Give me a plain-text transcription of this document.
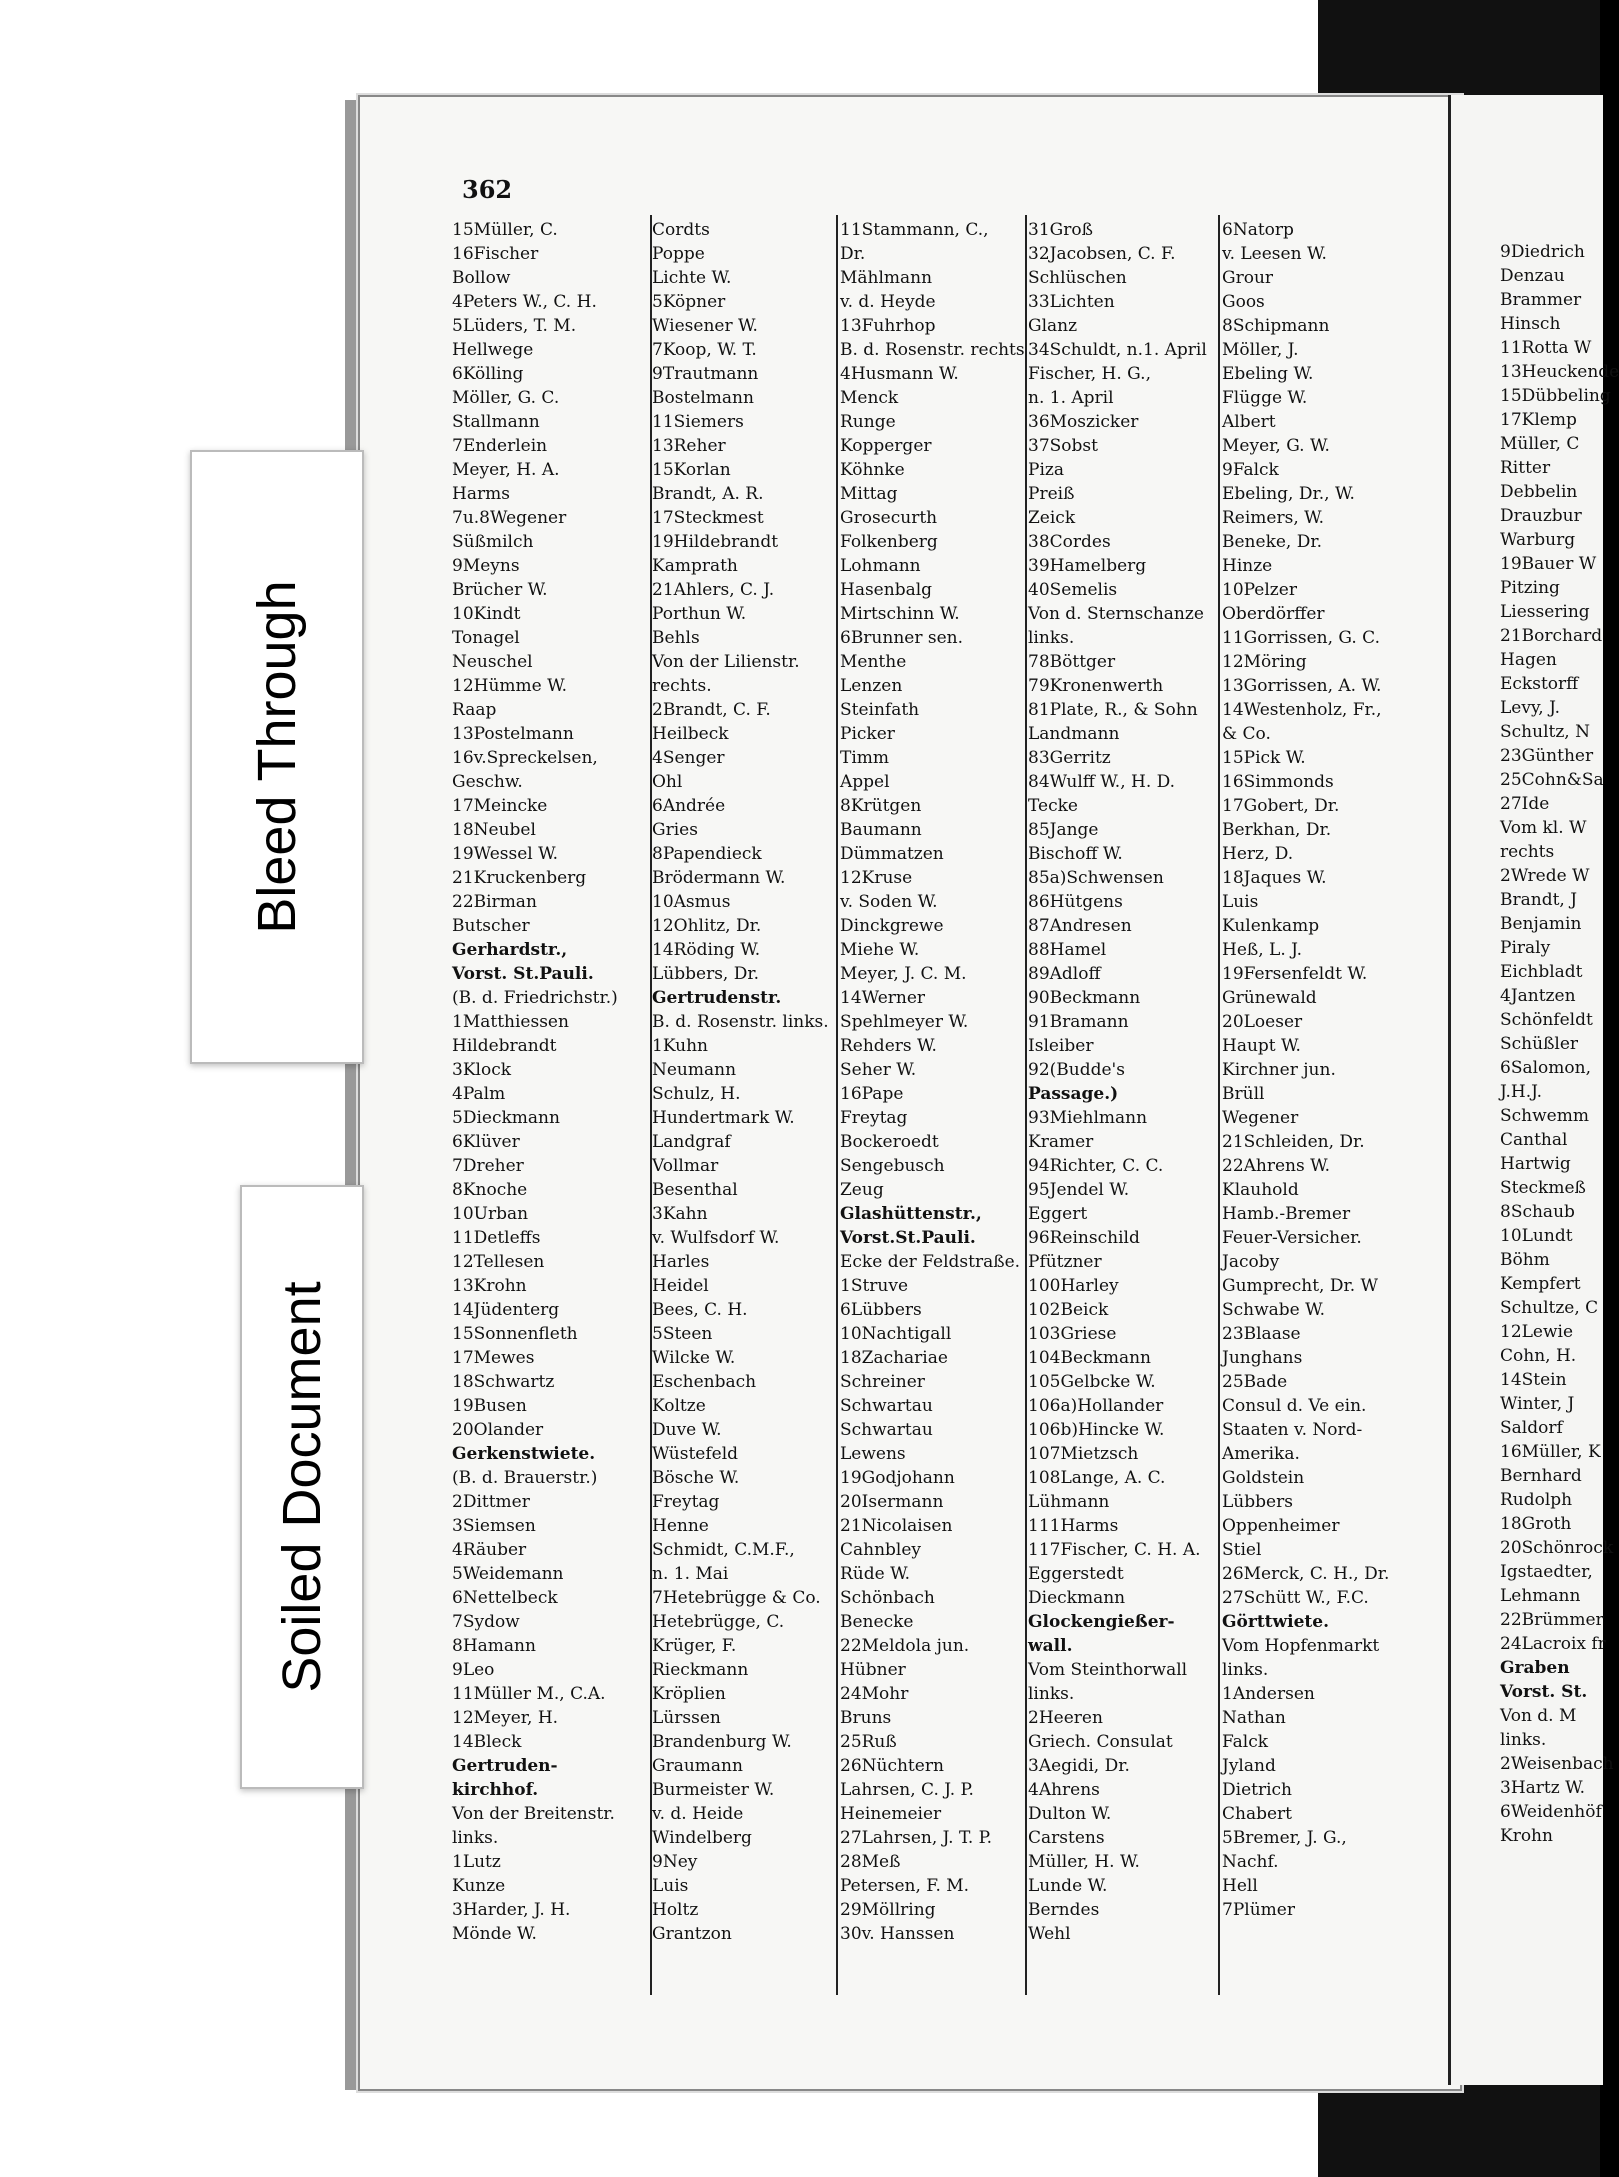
362
15Müller, C.
16Fischer
Bollow
4Peters W., C. H.
5Lüders, T. M.
Hellwege
6Kölling
Möller, G. C.
Stallmann
7Enderlein
Meyer, H. A.
Harms
7u.8Wegener
Süßmilch
9Meyns
Brücher W.
10Kindt
Tonagel
Neuschel
12Hümme W.
Raap
13Postelmann
16v.Spreckelsen,
Geschw.
17Meincke
18Neubel
19Wessel W.
21Kruckenberg
22Birman
Butscher
Gerhardstr.,
Vorst. St.Pauli.
(B. d. Friedrichstr.)
1Matthiessen
Hildebrandt
3Klock
4Palm
5Dieckmann
6Klüver
7Dreher
8Knoche
10Urban
11Detleffs
12Tellesen
13Krohn
14Jüdenterg
15Sonnenfleth
17Mewes
18Schwartz
19Busen
20Olander
Gerkenstwiete.
(B. d. Brauerstr.)
2Dittmer
3Siemsen
4Räuber
5Weidemann
6Nettelbeck
7Sydow
8Hamann
9Leo
11Müller M., C.A.
12Meyer, H.
14Bleck
Gertruden-
kirchhof.
Von der Breitenstr.
links.
1Lutz
Kunze
3Harder, J. H.
Mönde W.
Cordts
Poppe
Lichte W.
5Köpner
Wiesener W.
7Koop, W. T.
9Trautmann
Bostelmann
11Siemers
13Reher
15Korlan
Brandt, A. R.
17Steckmest
19Hildebrandt
Kamprath
21Ahlers, C. J.
Porthun W.
Behls
Von der Lilienstr.
rechts.
2Brandt, C. F.
Heilbeck
4Senger
Ohl
6Andrée
Gries
8Papendieck
Brödermann W.
10Asmus
12Ohlitz, Dr.
14Röding W.
Lübbers, Dr.
Gertrudenstr.
B. d. Rosenstr. links.
1Kuhn
Neumann
Schulz, H.
Hundertmark W.
Landgraf
Vollmar
Besenthal
3Kahn
v. Wulfsdorf W.
Harles
Heidel
Bees, C. H.
5Steen
Wilcke W.
Eschenbach
Koltze
Duve W.
Wüstefeld
Bösche W.
Freytag
Henne
Schmidt, C.M.F.,
n. 1. Mai
7Hetebrügge & Co.
Hetebrügge, C.
Krüger, F.
Rieckmann
Kröplien
Lürssen
Brandenburg W.
Graumann
Burmeister W.
v. d. Heide
Windelberg
9Ney
Luis
Holtz
Grantzon
11Stammann, C.,
Dr.
Mählmann
v. d. Heyde
13Fuhrhop
B. d. Rosenstr. rechts
4Husmann W.
Menck
Runge
Kopperger
Köhnke
Mittag
Grosecurth
Folkenberg
Lohmann
Hasenbalg
Mirtschinn W.
6Brunner sen.
Menthe
Lenzen
Steinfath
Picker
Timm
Appel
8Krütgen
Baumann
Dümmatzen
12Kruse
v. Soden W.
Dinckgrewe
Miehe W.
Meyer, J. C. M.
14Werner
Spehlmeyer W.
Rehders W.
Seher W.
16Pape
Freytag
Bockeroedt
Sengebusch
Zeug
Glashüttenstr.,
Vorst.St.Pauli.
Ecke der Feldstraße.
1Struve
6Lübbers
10Nachtigall
18Zachariae
Schreiner
Schwartau
Schwartau
Lewens
19Godjohann
20Isermann
21Nicolaisen
Cahnbley
Rüde W.
Schönbach
Benecke
22Meldola jun.
Hübner
24Mohr
Bruns
25Ruß
26Nüchtern
Lahrsen, C. J. P.
Heinemeier
27Lahrsen, J. T. P.
28Meß
Petersen, F. M.
29Möllring
30v. Hanssen
31Groß
32Jacobsen, C. F.
Schlüschen
33Lichten
Glanz
34Schuldt, n.1. April
Fischer, H. G.,
n. 1. April
36Moszicker
37Sobst
Piza
Preiß
Zeick
38Cordes
39Hamelberg
40Semelis
Von d. Sternschanze
links.
78Böttger
79Kronenwerth
81Plate, R., & Sohn
Landmann
83Gerritz
84Wulff W., H. D.
Tecke
85Jange
Bischoff W.
85a)Schwensen
86Hütgens
87Andresen
88Hamel
89Adloff
90Beckmann
91Bramann
Isleiber
92(Budde's
Passage.)
93Miehlmann
Kramer
94Richter, C. C.
95Jendel W.
Eggert
96Reinschild
Pfützner
100Harley
102Beick
103Griese
104Beckmann
105Gelbcke W.
106a)Hollander
106b)Hincke W.
107Mietzsch
108Lange, A. C.
Lühmann
111Harms
117Fischer, C. H. A.
Eggerstedt
Dieckmann
Glockengießer-
wall.
Vom Steinthorwall
links.
2Heeren
Griech. Consulat
3Aegidi, Dr.
4Ahrens
Dulton W.
Carstens
Müller, H. W.
Lunde W.
Berndes
Wehl
6Natorp
v. Leesen W.
Grour
Goos
8Schipmann
Möller, J.
Ebeling W.
Flügge W.
Albert
Meyer, G. W.
9Falck
Ebeling, Dr., W.
Reimers, W.
Beneke, Dr.
Hinze
10Pelzer
Oberdörffer
11Gorrissen, G. C.
12Möring
13Gorrissen, A. W.
14Westenholz, Fr.,
& Co.
15Pick W.
16Simmonds
17Gobert, Dr.
Berkhan, Dr.
Herz, D.
18Jaques W.
Luis
Kulenkamp
Heß, L. J.
19Fersenfeldt W.
Grünewald
20Loeser
Haupt W.
Kirchner jun.
Brüll
Wegener
21Schleiden, Dr.
22Ahrens W.
Klauhold
Hamb.-Bremer
Feuer-Versicher.
Jacoby
Gumprecht, Dr. W
Schwabe W.
23Blaase
Junghans
25Bade
Consul d. Ve ein.
Staaten v. Nord-
Amerika.
Goldstein
Lübbers
Oppenheimer
Stiel
26Merck, C. H., Dr.
27Schütt W., F.C.
Görttwiete.
Vom Hopfenmarkt
links.
1Andersen
Nathan
Falck
Jyland
Dietrich
Chabert
5Bremer, J. G.,
Nachf.
Hell
7Plümer
9Diedrich
Denzau
Brammer
Hinsch
11Rotta W
13Heuckende
15Dübbeling
17Klemp
Müller, C
Ritter
Debbelin
Drauzbur
Warburg
19Bauer W
Pitzing
Liessering
21Borchard
Hagen
Eckstorff
Levy, J.
Schultz, N
23Günther
25Cohn&Sa
27Ide
Vom kl. W
rechts
2Wrede W
Brandt, J
Benjamin
Piraly
Eichbladt
4Jantzen
Schönfeldt
Schüßler
6Salomon,
J.H.J.
Schwemm
Canthal
Hartwig
Steckmeß
8Schaub
10Lundt
Böhm
Kempfert
Schultze, C
12Lewie
Cohn, H.
14Stein
Winter, J
Saldorf
16Müller, K
Bernhard
Rudolph
18Groth
20Schönrock
Igstaedter,
Lehmann
22Brümmer
24Lacroix fr
Graben
Vorst. St.
Von d. M
links.
2Weisenbach
3Hartz W.
6Weidenhöf
Krohn
Bleed Through
Soiled Document
